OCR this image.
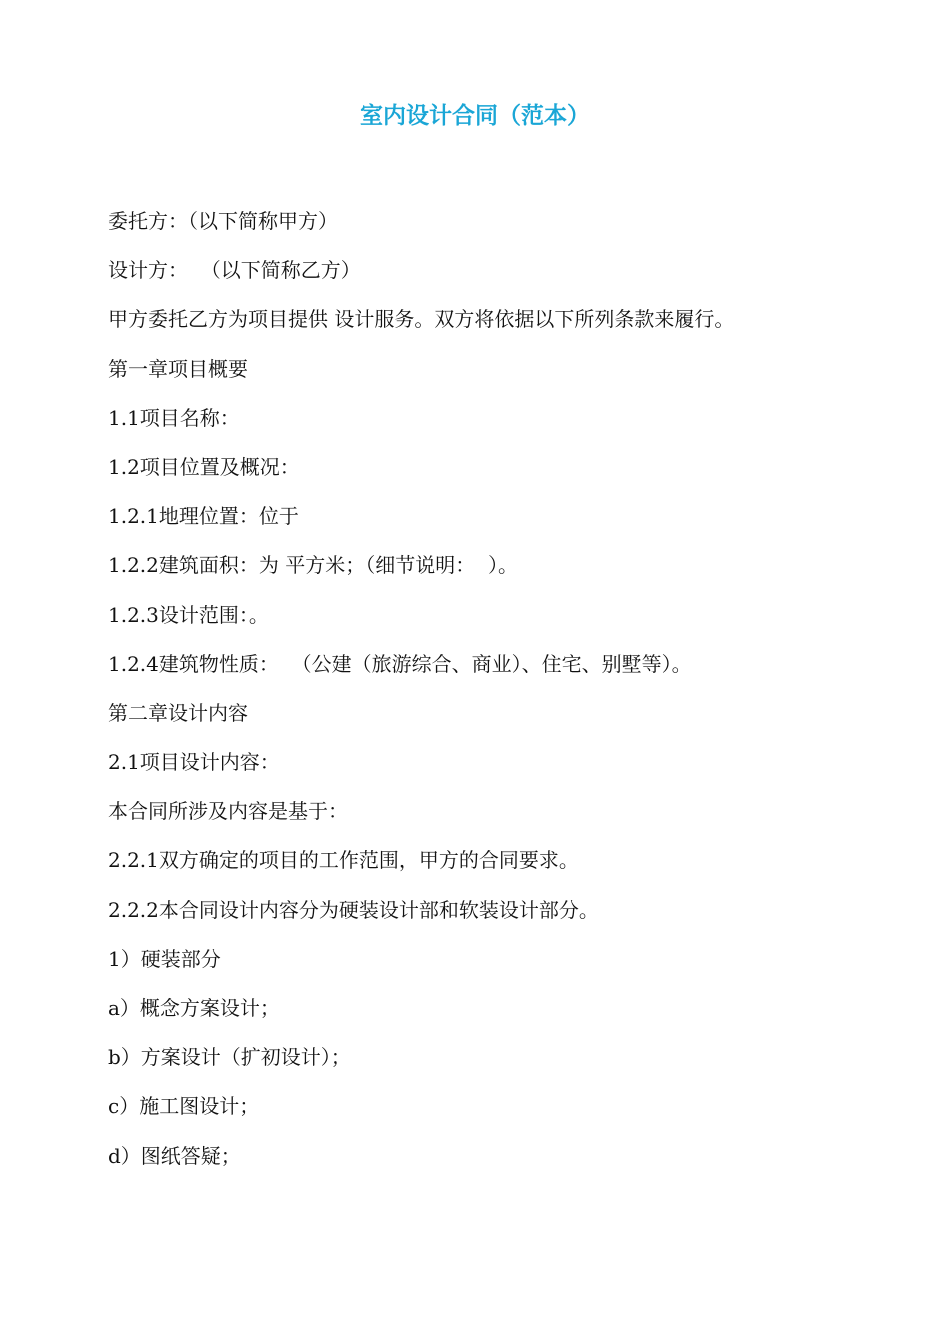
室内设计合同（范本）
委托方：（以下简称甲方）
设计方：  （以下简称乙方）
甲方委托乙方为项目提供 设计服务。双方将依据以下所列条款来履行。
第一章项目概要
1.1项目名称：
1.2项目位置及概况：
1.2.1地理位置：位于
1.2.2建筑面积：为 平方米；（细节说明：  ）。
1.2.3设计范围：。
1.2.4建筑物性质：  （公建（旅游综合、商业）、住宅、别墅等）。
第二章设计内容
2.1项目设计内容：
本合同所涉及内容是基于：
2.2.1双方确定的项目的工作范围，甲方的合同要求。
2.2.2本合同设计内容分为硬装设计部和软装设计部分。
1）硬装部分
a）概念方案设计；
b）方案设计（扩初设计）；
c）施工图设计；
d）图纸答疑；
